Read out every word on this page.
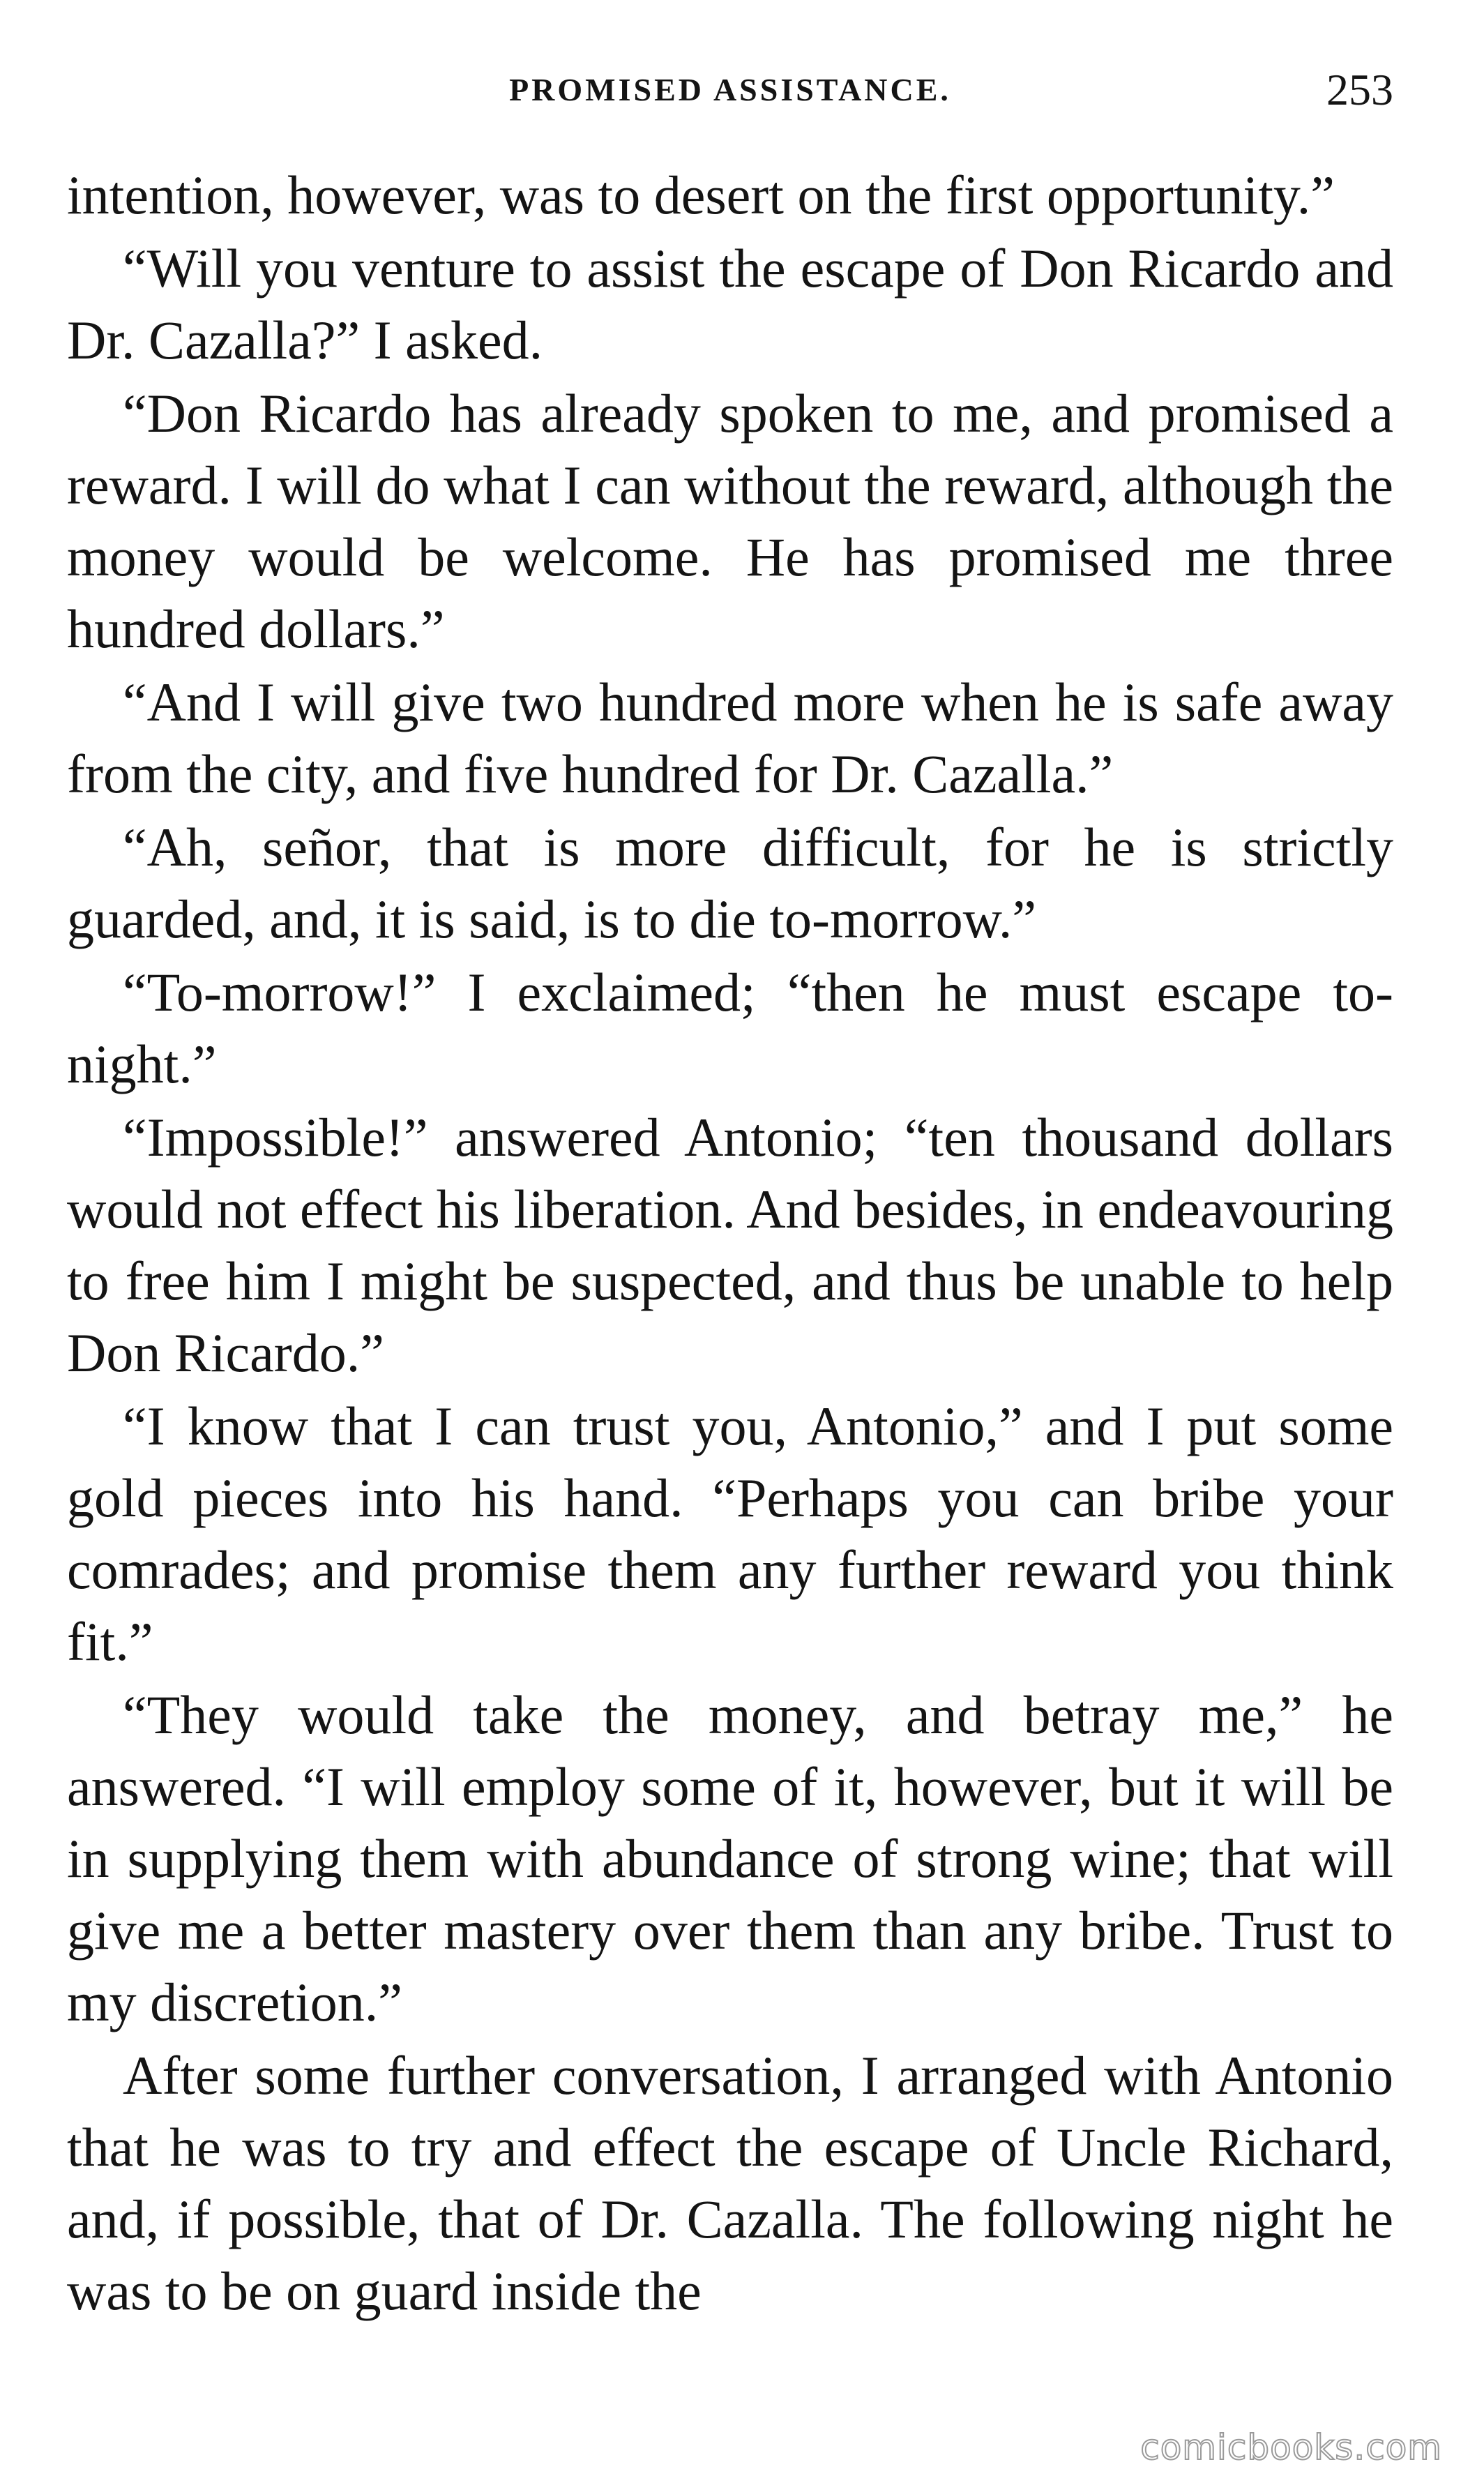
PROMISED ASSISTANCE.	253

intention, however, was to desert on the first opportunity.”

“Will you venture to assist the escape of Don Ricardo and Dr. Cazalla?” I asked.

“Don Ricardo has already spoken to me, and promised a reward. I will do what I can without the reward, although the money would be welcome. He has promised me three hundred dollars.”

“And I will give two hundred more when he is safe away from the city, and five hundred for Dr. Cazalla.”

“Ah, señor, that is more difficult, for he is strictly guarded, and, it is said, is to die to-morrow.”

“To-morrow!” I exclaimed; “then he must escape to-night.”

“Impossible!” answered Antonio; “ten thousand dollars would not effect his liberation. And besides, in endeavouring to free him I might be suspected, and thus be unable to help Don Ricardo.”

“I know that I can trust you, Antonio,” and I put some gold pieces into his hand. “Perhaps you can bribe your comrades; and promise them any further reward you think fit.”

“They would take the money, and betray me,” he answered. “I will employ some of it, however, but it will be in supplying them with abundance of strong wine; that will give me a better mastery over them than any bribe. Trust to my discretion.”

After some further conversation, I arranged with Antonio that he was to try and effect the escape of Uncle Richard, and, if possible, that of Dr. Cazalla. The following night he was to be on guard inside the

comicbooks.com
